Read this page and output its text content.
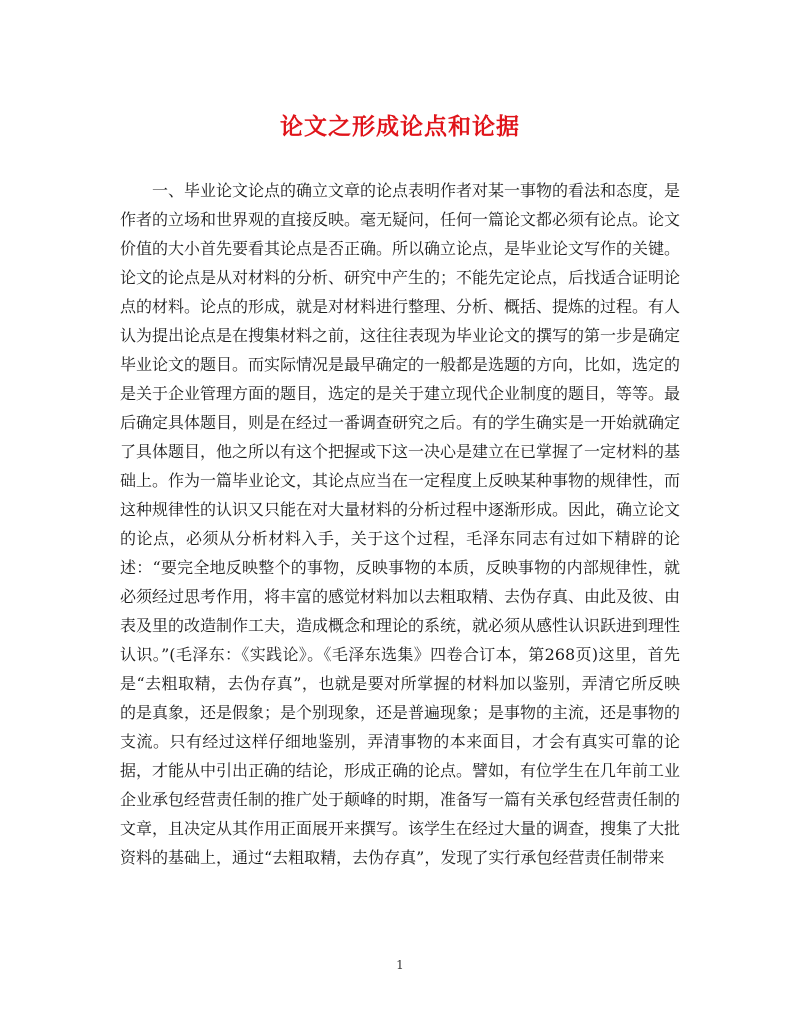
论文之形成论点和论据

一、毕业论文论点的确立文章的论点表明作者对某一事物的看法和态度，是作者的立场和世界观的直接反映。毫无疑问，任何一篇论文都必须有论点。论文价值的大小首先要看其论点是否正确。所以确立论点，是毕业论文写作的关键。论文的论点是从对材料的分析、研究中产生的；不能先定论点，后找适合证明论点的材料。论点的形成，就是对材料进行整理、分析、概括、提炼的过程。有人认为提出论点是在搜集材料之前，这往往表现为毕业论文的撰写的第一步是确定毕业论文的题目。而实际情况是最早确定的一般都是选题的方向，比如，选定的是关于企业管理方面的题目，选定的是关于建立现代企业制度的题目，等等。最后确定具体题目，则是在经过一番调查研究之后。有的学生确实是一开始就确定了具体题目，他之所以有这个把握或下这一决心是建立在已掌握了一定材料的基础上。作为一篇毕业论文，其论点应当在一定程度上反映某种事物的规律性，而这种规律性的认识又只能在对大量材料的分析过程中逐渐形成。因此，确立论文的论点，必须从分析材料入手，关于这个过程，毛泽东同志有过如下精辟的论述：“要完全地反映整个的事物，反映事物的本质，反映事物的内部规律性，就必须经过思考作用，将丰富的感觉材料加以去粗取精、去伪存真、由此及彼、由表及里的改造制作工夫，造成概念和理论的系统，就必须从感性认识跃进到理性认识。”(毛泽东：《实践论》。《毛泽东选集》四卷合订本，第268页)这里，首先是“去粗取精，去伪存真”，也就是要对所掌握的材料加以鉴别，弄清它所反映的是真象，还是假象；是个别现象，还是普遍现象；是事物的主流，还是事物的支流。只有经过这样仔细地鉴别，弄清事物的本来面目，才会有真实可靠的论据，才能从中引出正确的结论，形成正确的论点。譬如，有位学生在几年前工业企业承包经营责任制的推广处于颠峰的时期，准备写一篇有关承包经营责任制的文章，且决定从其作用正面展开来撰写。该学生在经过大量的调查，搜集了大批资料的基础上，通过“去粗取精，去伪存真”，发现了实行承包经营责任制带来

1
